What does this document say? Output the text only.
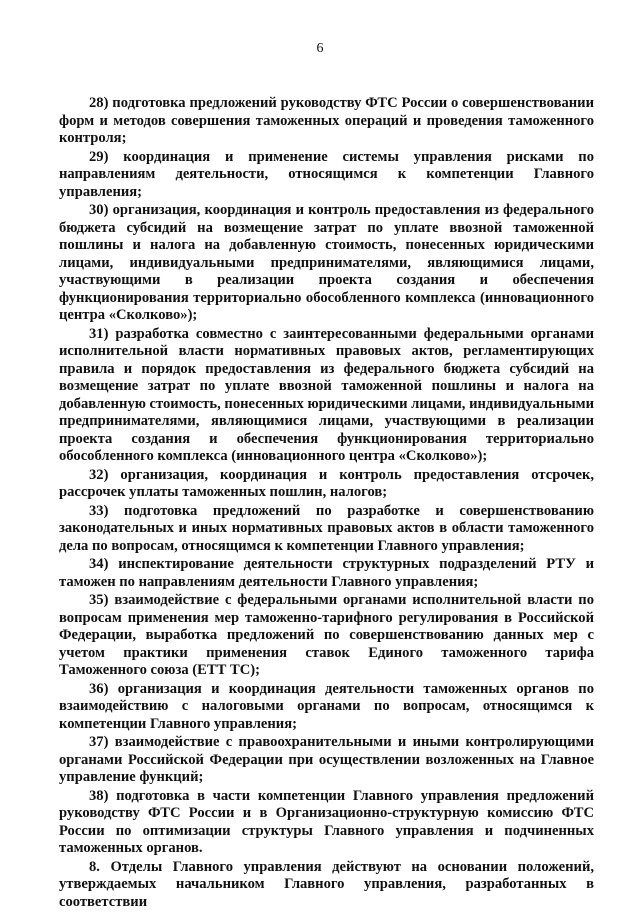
6

28) подготовка предложений руководству ФТС России о совершенствовании форм и методов совершения таможенных операций и проведения таможенного контроля;

29) координация и применение системы управления рисками по направлениям деятельности, относящимся к компетенции Главного управления;

30) организация, координация и контроль предоставления из федерального бюджета субсидий на возмещение затрат по уплате ввозной таможенной пошлины и налога на добавленную стоимость, понесенных юридическими лицами, индивидуальными предпринимателями, являющимися лицами, участвующими в реализации проекта создания и обеспечения функционирования территориально обособленного комплекса (инновационного центра «Сколково»);

31) разработка совместно с заинтересованными федеральными органами исполнительной власти нормативных правовых актов, регламентирующих правила и порядок предоставления из федерального бюджета субсидий на возмещение затрат по уплате ввозной таможенной пошлины и налога на добавленную стоимость, понесенных юридическими лицами, индивидуальными предпринимателями, являющимися лицами, участвующими в реализации проекта создания и обеспечения функционирования территориально обособленного комплекса (инновационного центра «Сколково»);

32) организация, координация и контроль предоставления отсрочек, рассрочек уплаты таможенных пошлин, налогов;

33) подготовка предложений по разработке и совершенствованию законодательных и иных нормативных правовых актов в области таможенного дела по вопросам, относящимся к компетенции Главного управления;

34) инспектирование деятельности структурных подразделений РТУ и таможен по направлениям деятельности Главного управления;

35) взаимодействие с федеральными органами исполнительной власти по вопросам применения мер таможенно-тарифного регулирования в Российской Федерации, выработка предложений по совершенствованию данных мер с учетом практики применения ставок Единого таможенного тарифа Таможенного союза (ЕТТ ТС);

36) организация и координация деятельности таможенных органов по взаимодействию с налоговыми органами по вопросам, относящимся к компетенции Главного управления;

37) взаимодействие с правоохранительными и иными контролирующими органами Российской Федерации при осуществлении возложенных на Главное управление функций;

38) подготовка в части компетенции Главного управления предложений руководству ФТС России и в Организационно-структурную комиссию ФТС России по оптимизации структуры Главного управления и подчиненных таможенных органов.

8. Отделы Главного управления действуют на основании положений, утверждаемых начальником Главного управления, разработанных в соответствии
